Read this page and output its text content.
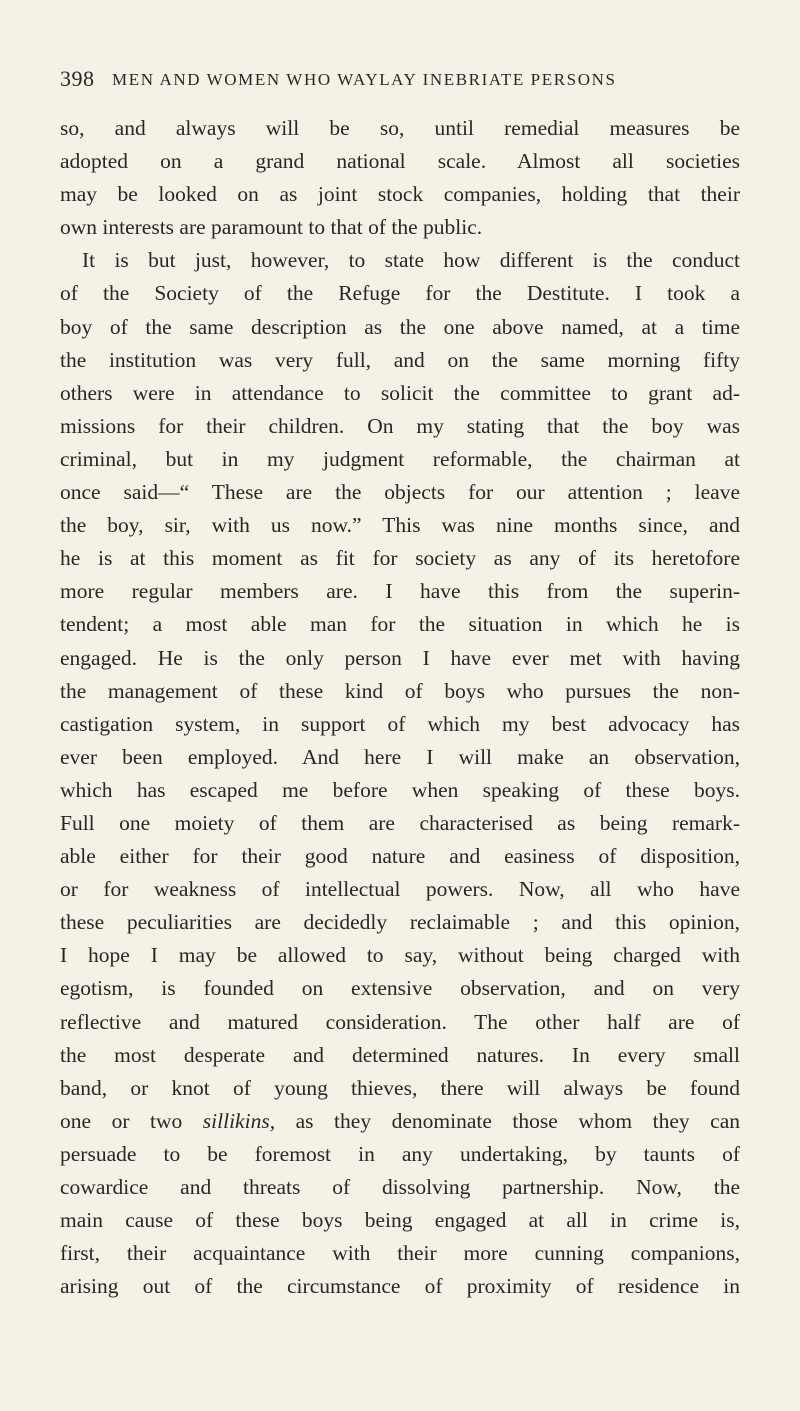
398 MEN AND WOMEN WHO WAYLAY INEBRIATE PERSONS
so, and always will be so, until remedial measures be
adopted on a grand national scale. Almost all societies
may be looked on as joint stock companies, holding that their
own interests are paramount to that of the public.
It is but just, however, to state how different is the conduct
of the Society of the Refuge for the Destitute. I took a
boy of the same description as the one above named, at a time
the institution was very full, and on the same morning fifty
others were in attendance to solicit the committee to grant ad-
missions for their children. On my stating that the boy was
criminal, but in my judgment reformable, the chairman at
once said—“ These are the objects for our attention ; leave
the boy, sir, with us now.” This was nine months since, and
he is at this moment as fit for society as any of its heretofore
more regular members are. I have this from the superin-
tendent; a most able man for the situation in which he is
engaged. He is the only person I have ever met with having
the management of these kind of boys who pursues the non-
castigation system, in support of which my best advocacy has
ever been employed. And here I will make an observation,
which has escaped me before when speaking of these boys.
Full one moiety of them are characterised as being remark-
able either for their good nature and easiness of disposition,
or for weakness of intellectual powers. Now, all who have
these peculiarities are decidedly reclaimable ; and this opinion,
I hope I may be allowed to say, without being charged with
egotism, is founded on extensive observation, and on very
reflective and matured consideration. The other half are of
the most desperate and determined natures. In every small
band, or knot of young thieves, there will always be found
one or two sillikins, as they denominate those whom they can
persuade to be foremost in any undertaking, by taunts of
cowardice and threats of dissolving partnership. Now, the
main cause of these boys being engaged at all in crime is,
first, their acquaintance with their more cunning companions,
arising out of the circumstance of proximity of residence in
